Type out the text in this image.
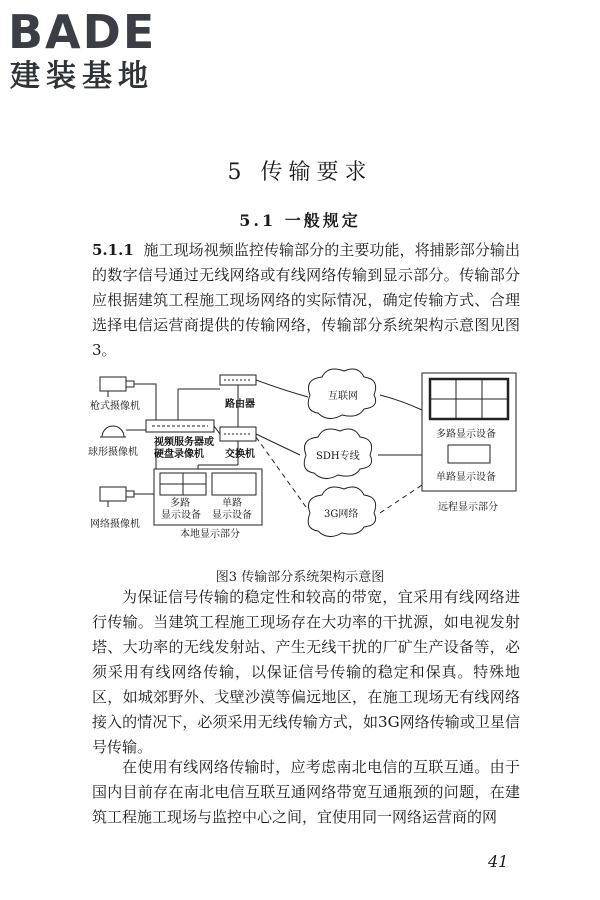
BADE
建装基地
5 传输要求
5.1 一般规定

5.1.1 施工现场视频监控传输部分的主要功能，将捕影部分输出的数字信号通过无线网络或有线网络传输到显示部分。传输部分应根据建筑工程施工现场网络的实际情况，确定传输方式、合理选择电信运营商提供的传输网络，传输部分系统架构示意图见图3。

枪式摄像机
球形摄像机
网络摄像机
视频服务器或
硬盘录像机
路由器
交换机
多路
显示设备
单路
显示设备
本地显示部分
互联网
SDH专线
3G网络
多路显示设备
单路显示设备
远程显示部分
图3 传输部分系统架构示意图

为保证信号传输的稳定性和较高的带宽，宜采用有线网络进行传输。当建筑工程施工现场存在大功率的干扰源，如电视发射塔、大功率的无线发射站、产生无线干扰的厂矿生产设备等，必须采用有线网络传输，以保证信号传输的稳定和保真。特殊地区，如城郊野外、戈壁沙漠等偏远地区，在施工现场无有线网络接入的情况下，必须采用无线传输方式，如3G网络传输或卫星信号传输。

在使用有线网络传输时，应考虑南北电信的互联互通。由于国内目前存在南北电信互联互通网络带宽互通瓶颈的问题，在建筑工程施工现场与监控中心之间，宜使用同一网络运营商的网

41
